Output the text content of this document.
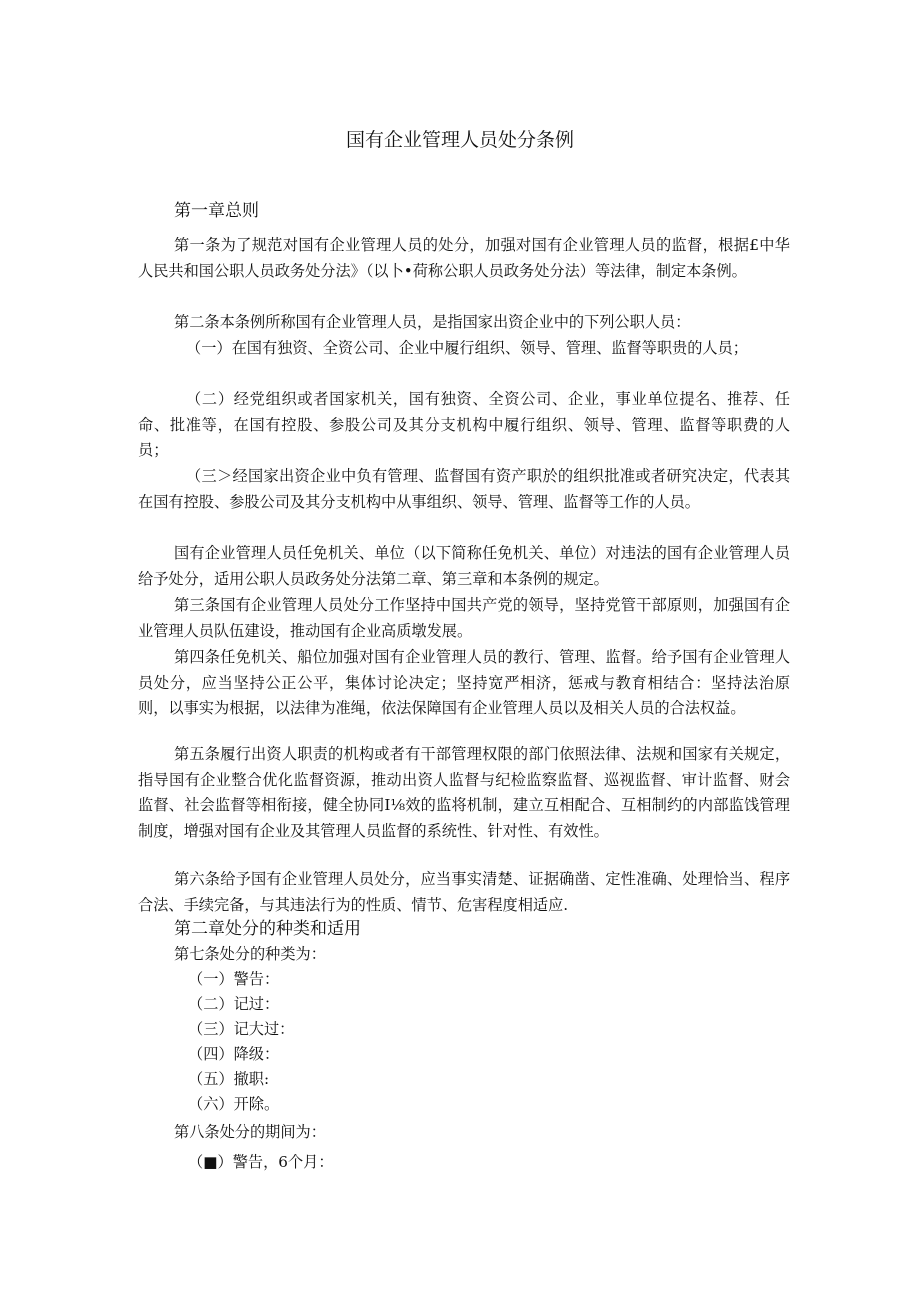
国有企业管理人员处分条例
第一章总则

第一条为了规范对国有企业管理人员的处分，加强对国有企业管理人员的监督，根据£中华人民共和国公职人员政务处分法》（以卜•荷称公职人员政务处分法）等法律，制定本条例。

第二条本条例所称国有企业管理人员，是指国家出资企业中的下列公职人员：

（一）在国有独资、全资公司、企业中履行组织、领导、管理、监督等职贵的人员；

（二）经党组织或者国家机关，国有独资、全资公司、企业，事业单位提名、推荐、任命、批准等，在国有控股、参股公司及其分支机构中履行组织、领导、管理、监督等职费的人员；

（三＞经国家出资企业中负有管理、监督国有资产职於的组织批准或者研究决定，代表其在国有控股、参股公司及其分支机构中从事组织、领导、管理、监督等工作的人员。

国有企业管理人员任免机关、单位（以下简称任免机关、单位）对违法的国有企业管理人员给予处分，适用公职人员政务处分法第二章、第三章和本条例的规定。

第三条国有企业管理人员处分工作坚持中国共产党的领导，坚持党管干部原则，加强国有企业管理人员队伍建设，推动国有企业高质墩发展。

第四条任免机关、船位加强对国有企业管理人员的教行、管理、监督。给予国有企业管理人员处分，应当坚持公正公平，集体讨论决定；坚持宽严相济，惩戒与教育相结合：坚持法治原则，以事实为根据，以法律为准绳，依法保障国有企业管理人员以及相关人员的合法权益。

第五条履行出资人职责的机构或者有干部管理权限的部门依照法律、法规和国家有关规定，指导国有企业整合优化监督资源，推动出资人监督与纪检监察监督、巡视监督、审计监督、财会监督、社会监督等相衔接，健全协同I⅛效的监将机制，建立互相配合、互相制约的内部监饯管理制度，增强对国有企业及其管理人员监督的系统性、针对性、有效性。

第六条给予国有企业管理人员处分，应当事实清楚、证据确凿、定性准确、处理恰当、程序合法、手续完备，与其违法行为的性质、情节、危害程度相适应.

第二章处分的种类和适用

第七条处分的种类为：

（一）警告：

（二）记过：

（三）记大过：

（四）降级：

（五）撤职:

（六）开除。

第八条处分的期间为：

（■）警告，6个月：
